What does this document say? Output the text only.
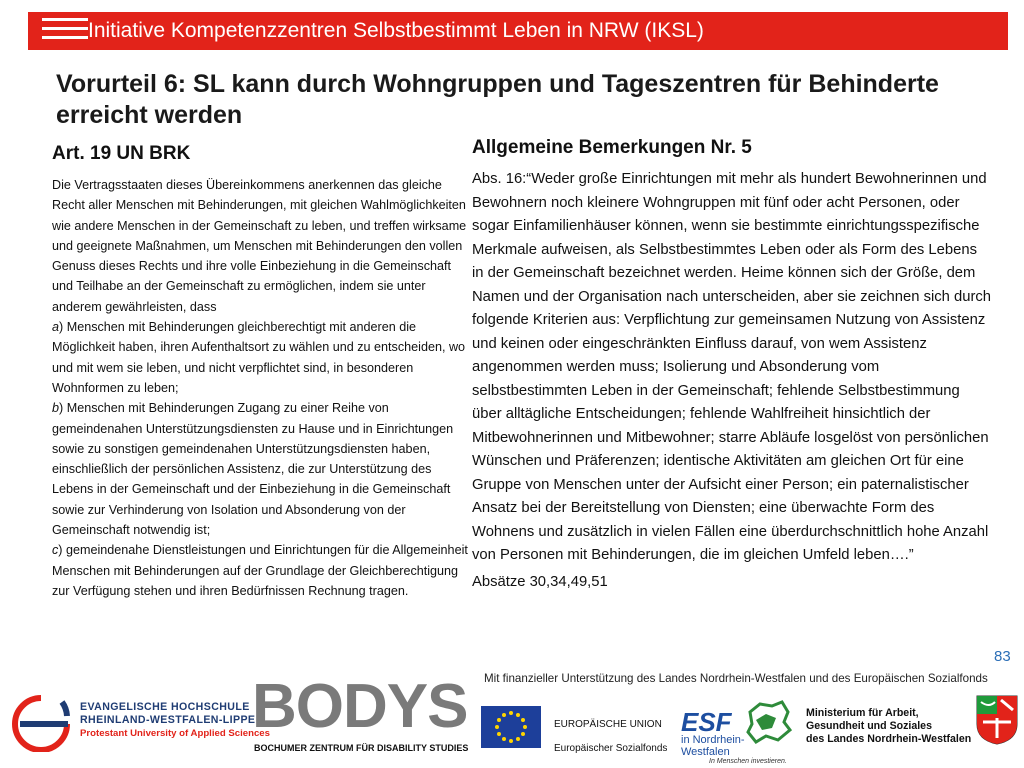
Initiative Kompetenzzentren Selbstbestimmt Leben in NRW (IKSL)
Vorurteil 6: SL kann durch Wohngruppen und Tageszentren für Behinderte erreicht werden
Art. 19 UN BRK	Allgemeine Bemerkungen Nr. 5

Die Vertragsstaaten dieses Übereinkommens anerkennen das gleiche Recht aller Menschen mit Behinderungen, mit gleichen Wahlmöglichkeiten wie andere Menschen in der Gemeinschaft zu leben, und treffen wirksame und geeignete Maßnahmen, um Menschen mit Behinderungen den vollen Genuss dieses Rechts und ihre volle Einbeziehung in die Gemeinschaft und Teilhabe an der Gemeinschaft zu ermöglichen, indem sie unter anderem gewährleisten, dass

a) Menschen mit Behinderungen gleichberechtigt mit anderen die Möglichkeit haben, ihren Aufenthaltsort zu wählen und zu entscheiden, wo und mit wem sie leben, und nicht verpflichtet sind, in besonderen Wohnformen zu leben;

b) Menschen mit Behinderungen Zugang zu einer Reihe von gemeindenahen Unterstützungsdiensten zu Hause und in Einrichtungen sowie zu sonstigen gemeindenahen Unterstützungsdiensten haben, einschließlich der persönlichen Assistenz, die zur Unterstützung des Lebens in der Gemeinschaft und der Einbeziehung in die Gemeinschaft sowie zur Verhinderung von Isolation und Absonderung von der Gemeinschaft notwendig ist;

c) gemeindenahe Dienstleistungen und Einrichtungen für die Allgemeinheit Menschen mit Behinderungen auf der Grundlage der Gleichberechtigung zur Verfügung stehen und ihren Bedürfnissen Rechnung tragen.

Abs. 16:“Weder große Einrichtungen mit mehr als hundert Bewohnerinnen und Bewohnern noch kleinere Wohngruppen mit fünf oder acht Personen, oder sogar Einfamilienhäuser können, wenn sie bestimmte einrichtungsspezifische Merkmale aufweisen, als Selbstbestimmtes Leben oder als Form des Lebens in der Gemeinschaft bezeichnet werden. Heime können sich der Größe, dem Namen und der Organisation nach unterscheiden, aber sie zeichnen sich durch folgende Kriterien aus: Verpflichtung zur gemeinsamen Nutzung von Assistenz und keinen oder eingeschränkten Einfluss darauf, von wem Assistenz angenommen werden muss; Isolierung und Absonderung vom selbstbestimmten Leben in der Gemeinschaft; fehlende Selbstbestimmung über alltägliche Entscheidungen; fehlende Wahlfreiheit hinsichtlich der Mitbewohnerinnen und Mitbewohner; starre Abläufe losgelöst von persönlichen Wünschen und Präferenzen; identische Aktivitäten am gleichen Ort für eine Gruppe von Menschen unter der Aufsicht einer Person; ein paternalistischer Ansatz bei der Bereitstellung von Diensten; eine überwachte Form des Wohnens und zusätzlich in vielen Fällen eine überdurchschnittlich hohe Anzahl von Personen mit Behinderungen, die im gleichen Umfeld leben….”

Absätze 30,34,49,51

83
Mit finanzieller Unterstützung des Landes Nordrhein-Westfalen und des Europäischen Sozialfonds
EVANGELISCHE HOCHSCHULE
RHEINLAND-WESTFALEN-LIPPE
Protestant University of Applied Sciences
BODYS
BOCHUMER ZENTRUM FÜR DISABILITY STUDIES
EUROPÄISCHE UNION
Europäischer Sozialfonds
ESF
in Nordrhein-
Westfalen
In Menschen investieren.
Ministerium für Arbeit,
Gesundheit und Soziales
des Landes Nordrhein-Westfalen
